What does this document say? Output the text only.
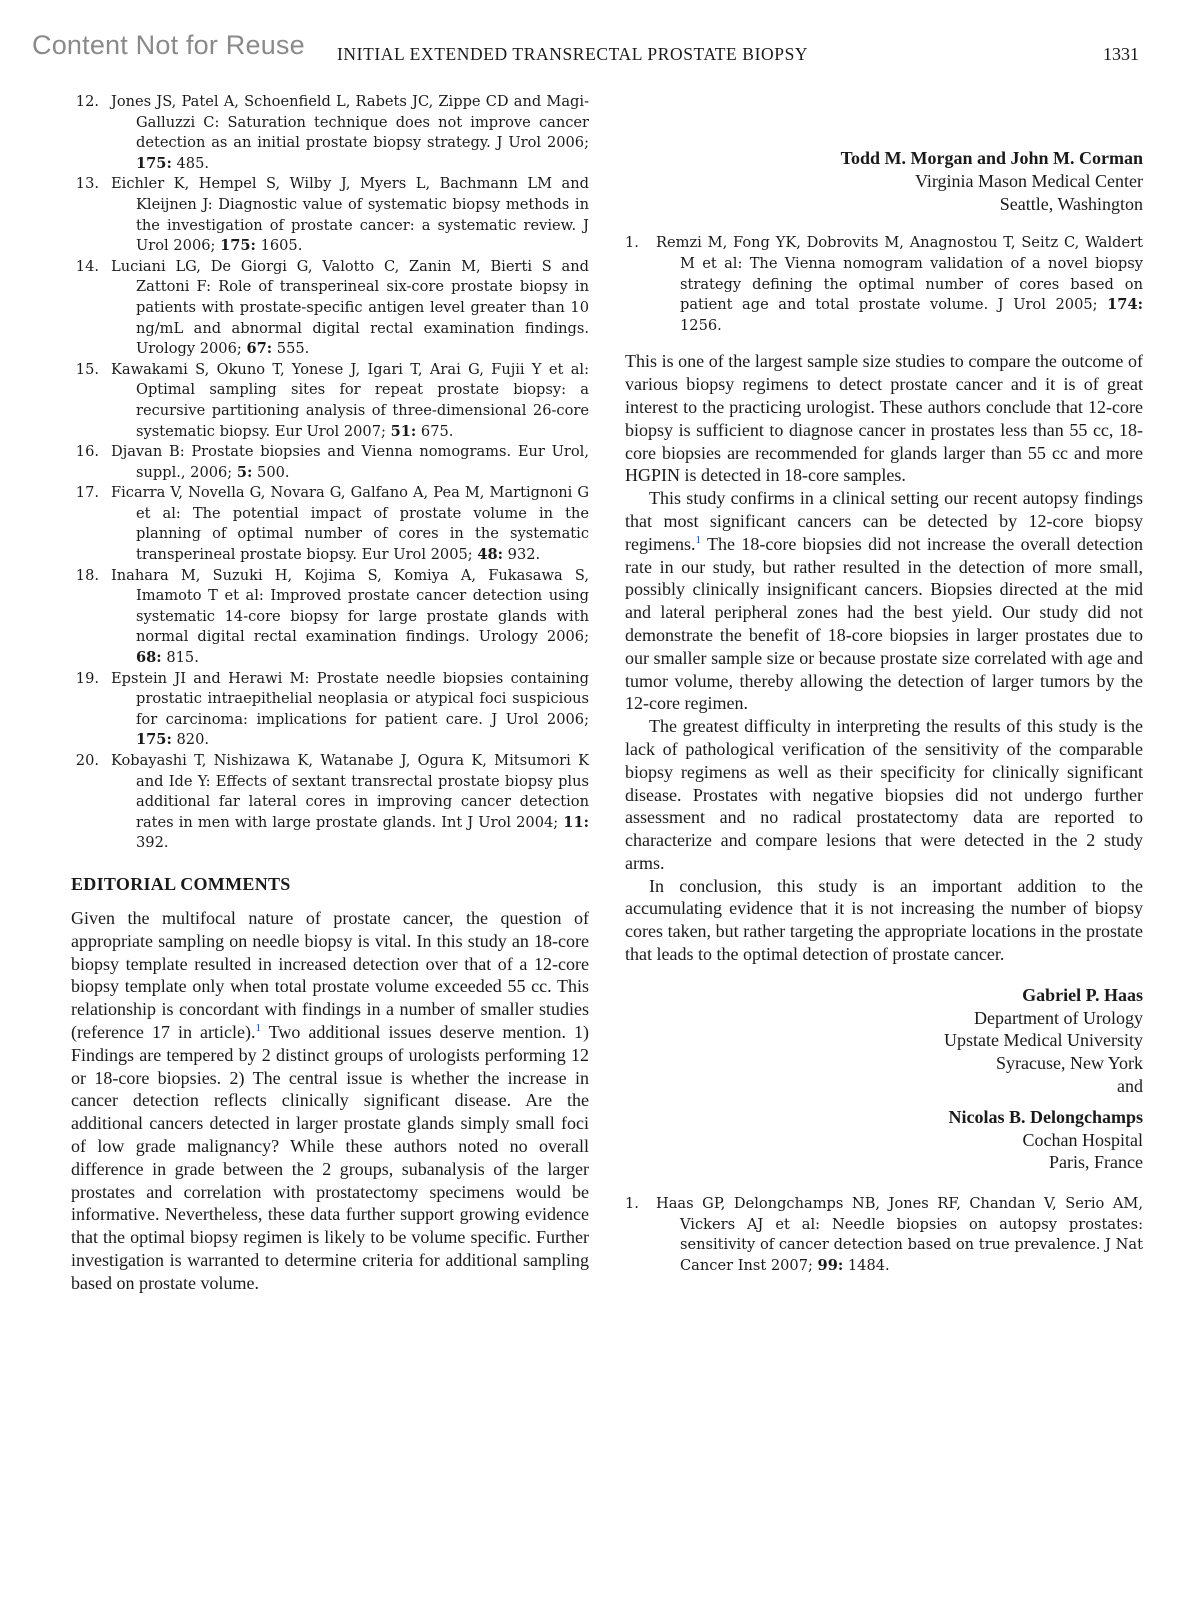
Content Not for Reuse INITIAL EXTENDED TRANSRECTAL PROSTATE BIOPSY	1331
12. Jones JS, Patel A, Schoenfield L, Rabets JC, Zippe CD and Magi-Galluzzi C: Saturation technique does not improve cancer detection as an initial prostate biopsy strategy. J Urol 2006; 175: 485.
13. Eichler K, Hempel S, Wilby J, Myers L, Bachmann LM and Kleijnen J: Diagnostic value of systematic biopsy methods in the investigation of prostate cancer: a systematic review. J Urol 2006; 175: 1605.
14. Luciani LG, De Giorgi G, Valotto C, Zanin M, Bierti S and Zattoni F: Role of transperineal six-core prostate biopsy in patients with prostate-specific antigen level greater than 10 ng/mL and abnormal digital rectal examination findings. Urology 2006; 67: 555.
15. Kawakami S, Okuno T, Yonese J, Igari T, Arai G, Fujii Y et al: Optimal sampling sites for repeat prostate biopsy: a recursive partitioning analysis of three-dimensional 26-core systematic biopsy. Eur Urol 2007; 51: 675.
16. Djavan B: Prostate biopsies and Vienna nomograms. Eur Urol, suppl., 2006; 5: 500.
17. Ficarra V, Novella G, Novara G, Galfano A, Pea M, Martignoni G et al: The potential impact of prostate volume in the planning of optimal number of cores in the systematic transperineal prostate biopsy. Eur Urol 2005; 48: 932.
18. Inahara M, Suzuki H, Kojima S, Komiya A, Fukasawa S, Imamoto T et al: Improved prostate cancer detection using systematic 14-core biopsy for large prostate glands with normal digital rectal examination findings. Urology 2006; 68: 815.
19. Epstein JI and Herawi M: Prostate needle biopsies containing prostatic intraepithelial neoplasia or atypical foci suspicious for carcinoma: implications for patient care. J Urol 2006; 175: 820.
20. Kobayashi T, Nishizawa K, Watanabe J, Ogura K, Mitsumori K and Ide Y: Effects of sextant transrectal prostate biopsy plus additional far lateral cores in improving cancer detection rates in men with large prostate glands. Int J Urol 2004; 11: 392.
EDITORIAL COMMENTS

Given the multifocal nature of prostate cancer, the question of appropriate sampling on needle biopsy is vital. In this study an 18-core biopsy template resulted in increased detection over that of a 12-core biopsy template only when total prostate volume exceeded 55 cc. This relationship is concordant with findings in a number of smaller studies (reference 17 in article).$^1$ Two additional issues deserve mention. 1) Findings are tempered by 2 distinct groups of urologists performing 12 or 18-core biopsies. 2) The central issue is whether the increase in cancer detection reflects clinically significant disease. Are the additional cancers detected in larger prostate glands simply small foci of low grade malignancy? While these authors noted no overall difference in grade between the 2 groups, subanalysis of the larger prostates and correlation with prostatectomy specimens would be informative. Nevertheless, these data further support growing evidence that the optimal biopsy regimen is likely to be volume specific. Further investigation is warranted to determine criteria for additional sampling based on prostate volume.

Todd M. Morgan and John M. Corman
Virginia Mason Medical Center
Seattle, Washington
1. Remzi M, Fong YK, Dobrovits M, Anagnostou T, Seitz C, Waldert M et al: The Vienna nomogram validation of a novel biopsy strategy defining the optimal number of cores based on patient age and total prostate volume. J Urol 2005; 174: 1256.

This is one of the largest sample size studies to compare the outcome of various biopsy regimens to detect prostate cancer and it is of great interest to the practicing urologist. These authors conclude that 12-core biopsy is sufficient to diagnose cancer in prostates less than 55 cc, 18-core biopsies are recommended for glands larger than 55 cc and more HGPIN is detected in 18-core samples.

This study confirms in a clinical setting our recent autopsy findings that most significant cancers can be detected by 12-core biopsy regimens.$^1$ The 18-core biopsies did not increase the overall detection rate in our study, but rather resulted in the detection of more small, possibly clinically insignificant cancers. Biopsies directed at the mid and lateral peripheral zones had the best yield. Our study did not demonstrate the benefit of 18-core biopsies in larger prostates due to our smaller sample size or because prostate size correlated with age and tumor volume, thereby allowing the detection of larger tumors by the 12-core regimen.

The greatest difficulty in interpreting the results of this study is the lack of pathological verification of the sensitivity of the comparable biopsy regimens as well as their specificity for clinically significant disease. Prostates with negative biopsies did not undergo further assessment and no radical prostatectomy data are reported to characterize and compare lesions that were detected in the 2 study arms.

In conclusion, this study is an important addition to the accumulating evidence that it is not increasing the number of biopsy cores taken, but rather targeting the appropriate locations in the prostate that leads to the optimal detection of prostate cancer.

Gabriel P. Haas
Department of Urology
Upstate Medical University
Syracuse, New York
and
Nicolas B. Delongchamps
Cochan Hospital
Paris, France
1. Haas GP, Delongchamps NB, Jones RF, Chandan V, Serio AM, Vickers AJ et al: Needle biopsies on autopsy prostates: sensitivity of cancer detection based on true prevalence. J Nat Cancer Inst 2007; 99: 1484.
